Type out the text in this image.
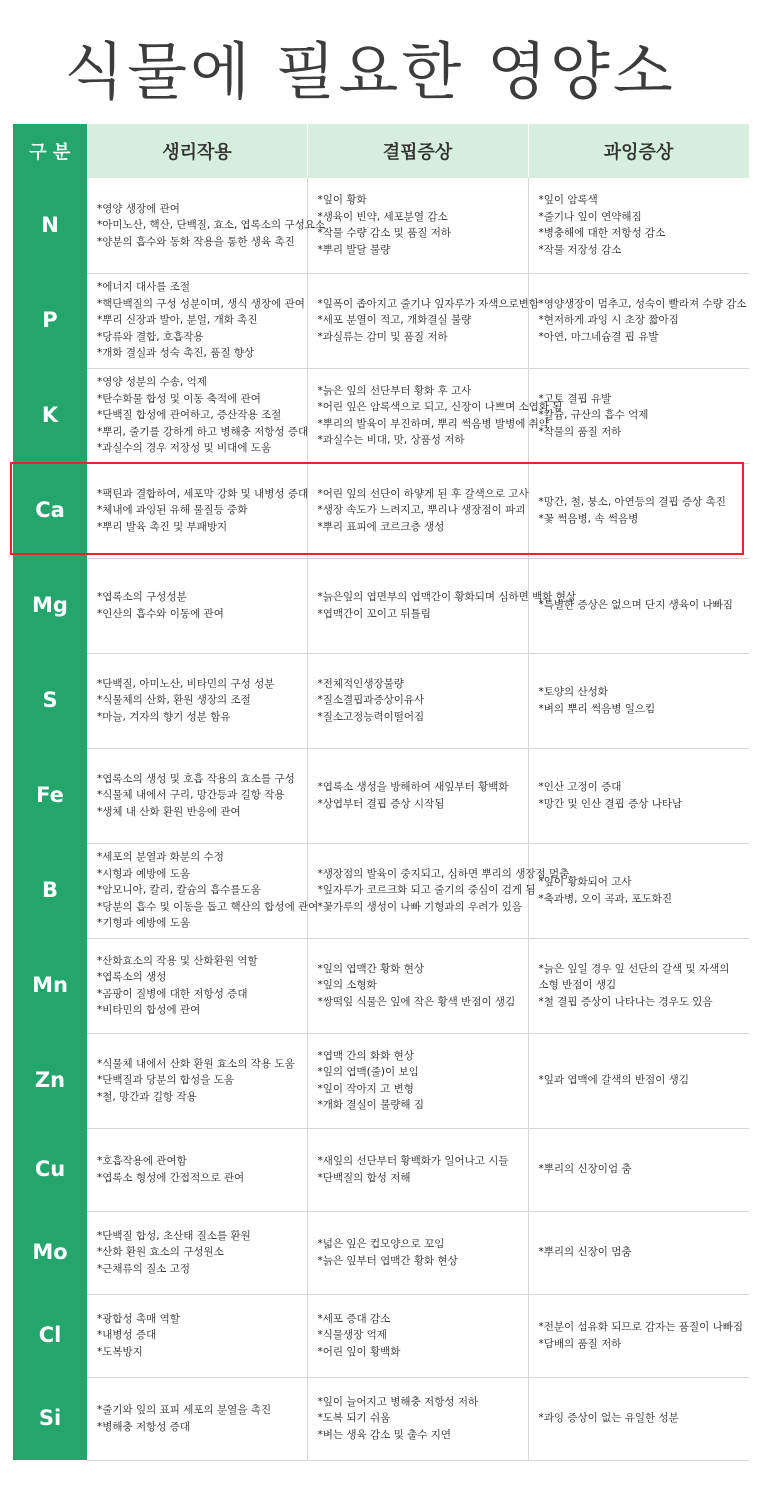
식물에 필요한 영양소
구 분	생리작용	결핍증상	과잉증상
N	*영양 생장에 관여
*아미노산, 핵산, 단백질, 효소, 엽록소의 구성요소
*양분의 흡수와 동화 작용을 통한 생육 촉진	*잎이 황화
*생육이 빈약, 세포분열 감소
*작물 수량 감소 및 품질 저하
*뿌리 발달 불량	*잎이 암록색
*줄기나 잎이 연약해짐
*병충해에 대한 저항성 감소
*작물 저장성 감소

P	*에너지 대사를 조절
*핵단백질의 구성 성분이며, 생식 생장에 관여
*뿌리 신장과 발아, 분얼, 개화 촉진
*당류와 결합, 호흡작용
*개화 결실과 성숙 촉진, 품질 향상	*잎폭이 좁아지고 줄기나 잎자루가 자색으로변함
*세포 분열이 적고, 개화결실 불량
*과실류는 감미 및 품질 저하	*영양생장이 멈추고, 성숙이 빨라져 수량 감소
*현저하게 과잉 시 초장 짧아짐
*아연, 마그네슘결 핍 유발

K	*영양 성분의 수송, 억제
*탄수화물 합성 및 이동 축적에 관여
*단백질 합성에 관여하고, 증산작용 조절
*뿌리, 줄기를 강하게 하고 병해충 저항성 증대
*과실수의 경우 저장성 및 비대에 도움	*늙은 잎의 선단부터 황화 후 고사
*어린 잎은 암록색으로 되고, 신장이 나쁘며 소엽화 됨
*뿌리의 발육이 부진하며, 뿌리 썩음병 발병에 취약
*과실수는 비대, 맛, 상품성 저하	*고토 결핍 유발
*칼슘, 규산의 흡수 억제
*작물의 품질 저하

Ca	*팩틴과 결합하여, 세포막 강화 및 내병성 증대
*체내에 과잉된 유해 물질등 중화
*뿌리 발육 촉진 및 부패방지	*어린 잎의 선단이 하얗게 된 후 갈색으로 고사
*생장 속도가 느려지고, 뿌리나 생장점이 파괴
*뿌리 표피에 코르크층 생성	*망간, 철, 붕소, 아연등의 결핍 증상 촉진
*꽃 썩음병, 속 썩음병

Mg	*엽록소의 구성성분
*인산의 흡수와 이동에 관여	*늙은잎의 엽면부의 엽맥간이 황화되며 심하면 백화 현상
*엽맥간이 꼬이고 뒤틀림	*특별한 증상은 없으며 단지 생육이 나빠짐

S	*단백질, 아미노산, 비타민의 구성 성분
*식물체의 산화, 환원 생장의 조절
*마늘, 겨자의 향기 성분 함유	*전체적인생장불량
*질소결핍과증상이유사
*질소고정능력이떨어짐	*토양의 산성화
*벼의 뿌리 썩음병 일으킴

Fe	*엽록소의 생성 및 호흡 작용의 효소를 구성
*식물체 내에서 구리, 망간등과 길항 작용
*생체 내 산화 환원 반응에 관여	*엽록소 생성을 방해하여 새잎부터 황백화
*상엽부터 결핍 증상 시작됨	*인산 고정이 증대
*망간 및 인산 결핍 증상 나타남

B	*세포의 분열과 화분의 수정
*시형과 예방에 도움
*암모니아, 칼리, 칼슘의 흡수를도움
*당분의 흡수 및 이동을 돕고 핵산의 합성에 관여
*기형과 예방에 도움	*생장점의 발육이 중지되고, 심하면 뿌리의 생장점 멈춤
*잎자루가 코르크화 되고 줄기의 중심이 검게 됨
*꽃가루의 생성이 나빠 기형과의 우려가 있음	*잎이 황화되어 고사
*축과병, 오이 곡과, 포도화진

Mn	*산화효소의 작용 및 산화환원 역할
*엽록소의 생성
*곰팡이 질병에 대한 저항성 증대
*비타민의 합성에 관여	*잎의 엽맥간 황화 현상
*잎의 소형화
*쌍떡잎 식물은 잎에 작은 황색 반점이 생김	*늙은 잎일 경우 잎 선단의 갈색 및 자색의
소형 반점이 생김
*철 결핍 증상이 나타나는 경우도 있음

Zn	*식물체 내에서 산화 환원 효소의 작용 도움
*단백질과 당분의 합성을 도움
*철, 망간과 길항 작용	*엽맥 간의 화화 현상
*잎의 엽맥(줄)이 보임
*잎이 작아지 고 변형
*개화 결실이 불량해 짐	*잎과 엽맥에 갈색의 반점이 생김

Cu	*호흡작용에 관여함
*엽록소 형성에 간접적으로 관여	*새잎의 선단부터 황백화가 일어나고 시들
*단백질의 합성 저해	*뿌리의 신장이엄 춤

Mo	*단백질 합성, 초산태 질소를 환원
*산화 환원 효소의 구성원소
*근채류의 질소 고정	*넓은 잎은 컵모양으로 꼬임
*늙은 잎부터 엽맥간 황화 현상	*뿌리의 신장이 멈춤

Cl	*광합성 촉매 역할
*내병성 증대
*도복방지	*세포 증대 감소
*식물생장 억제
*어린 잎이 황백화	*전분이 섬유화 되므로 감자는 품질이 나빠짐
*담배의 품질 저하

Si	*줄기와 잎의 표피 세포의 분열을 촉진
*병해충 저항성 증대	*잎이 늘어지고 병해충 저항성 저하
*도복 되기 쉬움
*벼는 생육 감소 및 출수 지연	*과잉 증상이 없는 유일한 성분
